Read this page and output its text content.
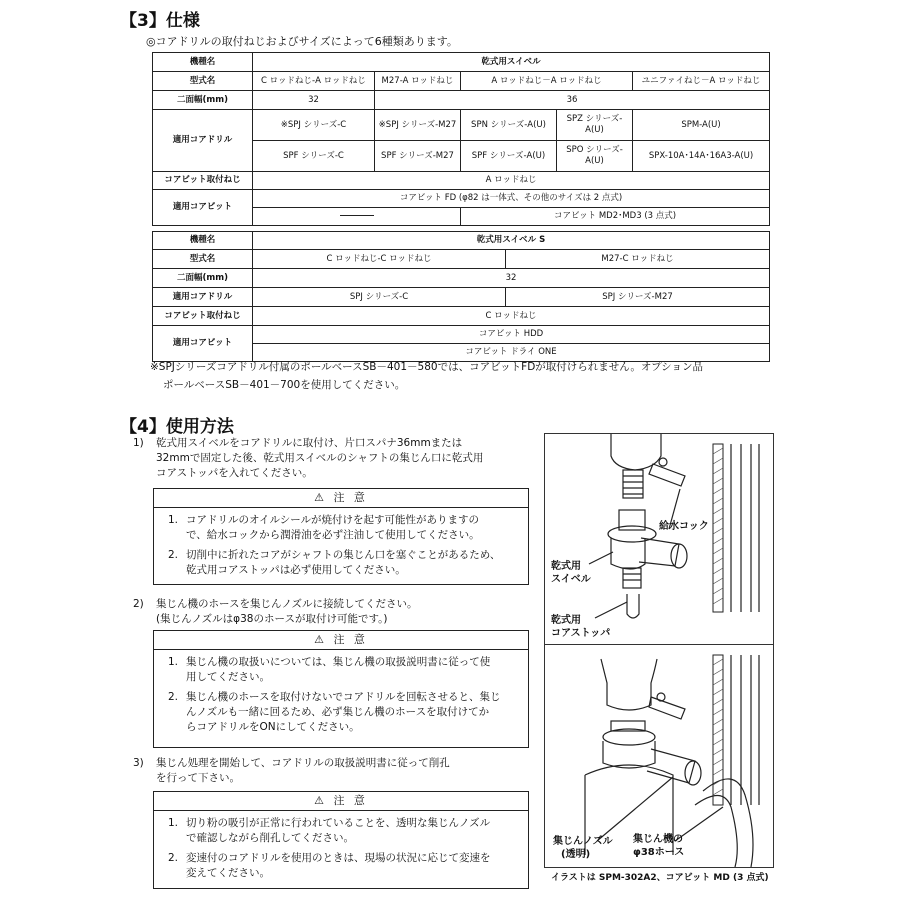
【3】仕様
◎コアドリルの取付ねじおよびサイズによって6種類あります。
機種名	乾式用スイベル				
型式名	C ロッドねじ-A ロッドねじ	M27-A ロッドねじ	A ロッドねじ－A ロッドねじ		ユニファイねじ－A ロッドねじ
二面幅(mm)	32	36			
適用コアドリル	※SPJ シリーズ-C	※SPJ シリーズ-M27	SPN シリーズ-A(U)	SPZ シリーズ-A(U)	SPM-A(U)
	SPF シリーズ-C	SPF シリーズ-M27	SPF シリーズ-A(U)	SPO シリーズ-A(U)	SPX-10A･14A･16A3-A(U)
コアビット取付ねじ	A ロッドねじ				
適用コアビット	コアビット FD (φ82 は一体式、その他のサイズは 2 点式)				
			コアビット MD2･MD3 (3 点式)		
機種名	乾式用スイベル S	
型式名	C ロッドねじ-C ロッドねじ	M27-C ロッドねじ
二面幅(mm)	32	
適用コアドリル	SPJ シリーズ-C	SPJ シリーズ-M27
コアビット取付ねじ	C ロッドねじ	
適用コアビット	コアビット HDD	
	コアビット ドライ ONE	
※SPJシリーズコアドリル付属のポールベースSB－401－580では、コアビットFDが取付けられません。オプション品
ポールベースSB－401－700を使用してください。
【4】使用方法
1) 乾式用スイベルをコアドリルに取付け、片口スパナ36mmまたは
32mmで固定した後、乾式用スイベルのシャフトの集じん口に乾式用
コアストッパを入れてください。
⚠ 注 意
1. コアドリルのオイルシールが焼付けを起す可能性がありますの
で、給水コックから潤滑油を必ず注油して使用してください。
2. 切削中に折れたコアがシャフトの集じん口を塞ぐことがあるため、
乾式用コアストッパは必ず使用してください。
2) 集じん機のホースを集じんノズルに接続してください。
(集じんノズルはφ38のホースが取付け可能です。)
⚠ 注 意
1. 集じん機の取扱いについては、集じん機の取扱説明書に従って使
用してください。
2. 集じん機のホースを取付けないでコアドリルを回転させると、集じ
んノズルも一緒に回るため、必ず集じん機のホースを取付けてか
らコアドリルをONにしてください。
3) 集じん処理を開始して、コアドリルの取扱説明書に従って削孔
を行って下さい。
⚠ 注 意
1. 切り粉の吸引が正常に行われていることを、透明な集じんノズル
で確認しながら削孔してください。
2. 変速付のコアドリルを使用のときは、現場の状況に応じて変速を
変えてください。
給水コック
乾式用
スイベル
乾式用
コアストッパ
集じんノズル
(透明)
集じん機の
φ38ホース
イラストは SPM-302A2、コアビット MD (3 点式)
